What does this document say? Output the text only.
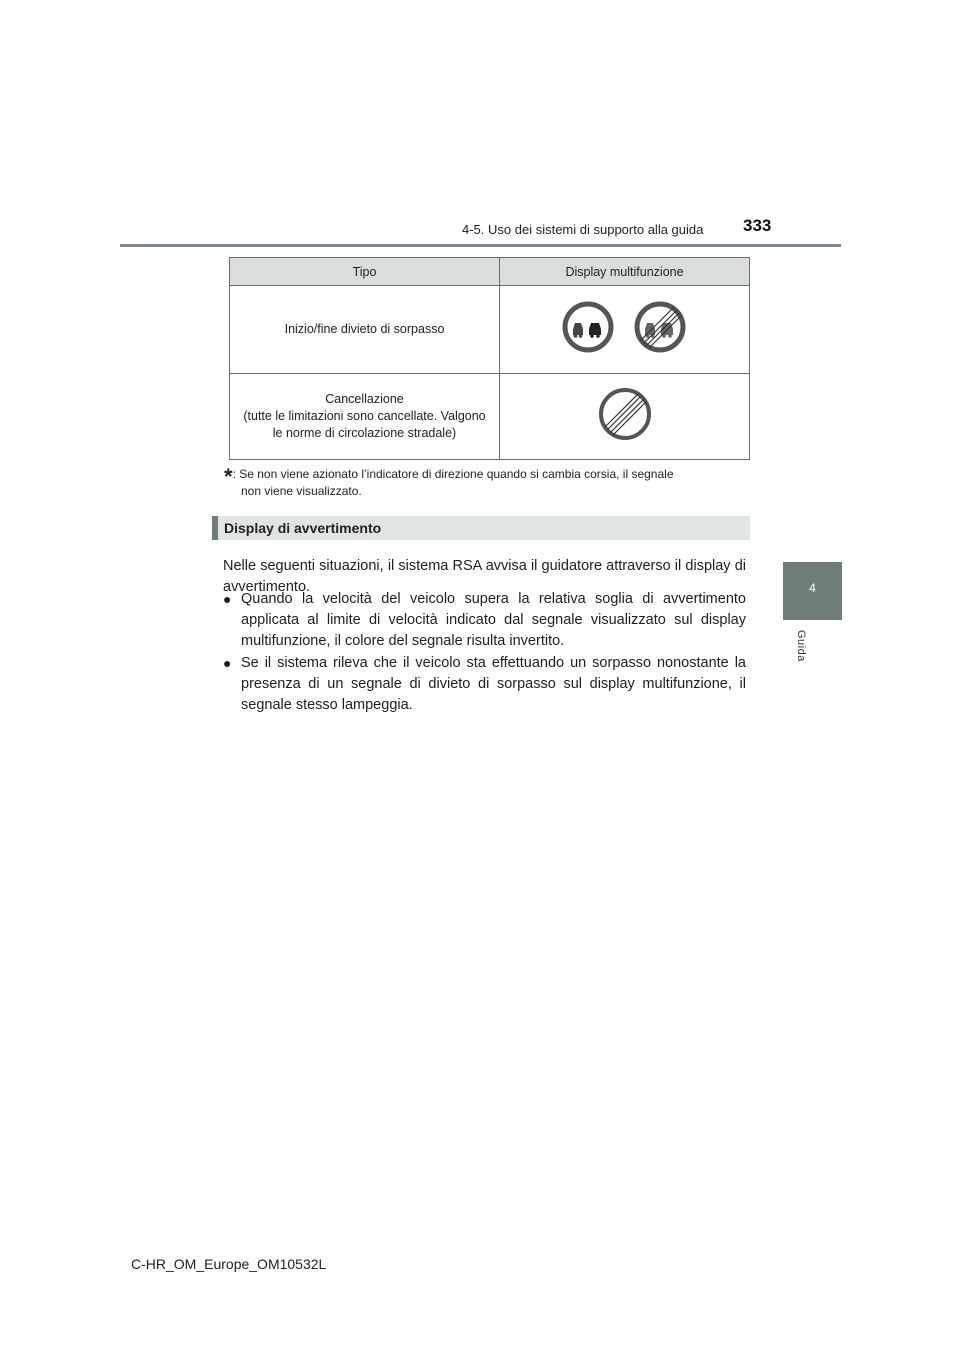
4-5. Uso dei sistemi di supporto alla guida 333
4
Guida
Tipo	Display multifunzione
Inizio/fine divieto di sorpasso	

Cancellazione
(tutte le limitazioni sono cancellate. Valgono
le norme di circolazione stradale)

*: Se non viene azionato l’indicatore di direzione quando si cambia corsia, il segnale
non viene visualizzato.
Display di avvertimento
Nelle seguenti situazioni, il sistema RSA avvisa il guidatore attraverso il display di avvertimento.
● Quando la velocità del veicolo supera la relativa soglia di avvertimento applicata al limite di velocità indicato dal segnale visualizzato sul display multifunzione, il colore del segnale risulta invertito.
● Se il sistema rileva che il veicolo sta effettuando un sorpasso nonostante la presenza di un segnale di divieto di sorpasso sul display multifunzione, il segnale stesso lampeggia.
C-HR_OM_Europe_OM10532L
